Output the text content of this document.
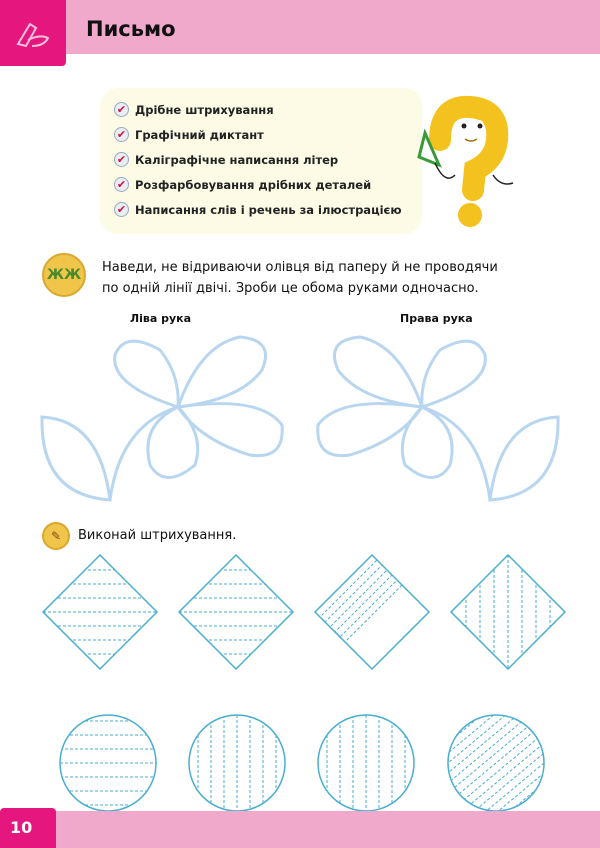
Письмо
✔ Дрібне штрихування
✔ Графічний диктант
✔ Каліграфічне написання літер
✔ Розфарбовування дрібних деталей
✔ Написання слів і речень за ілюстрацією
ЖЖ	Наведи, не відриваючи олівця від паперу й не проводячи
по одній лінії двічі. Зроби це обома руками одночасно.
Ліва рука	Права рука
✎	Виконай штрихування.
10
